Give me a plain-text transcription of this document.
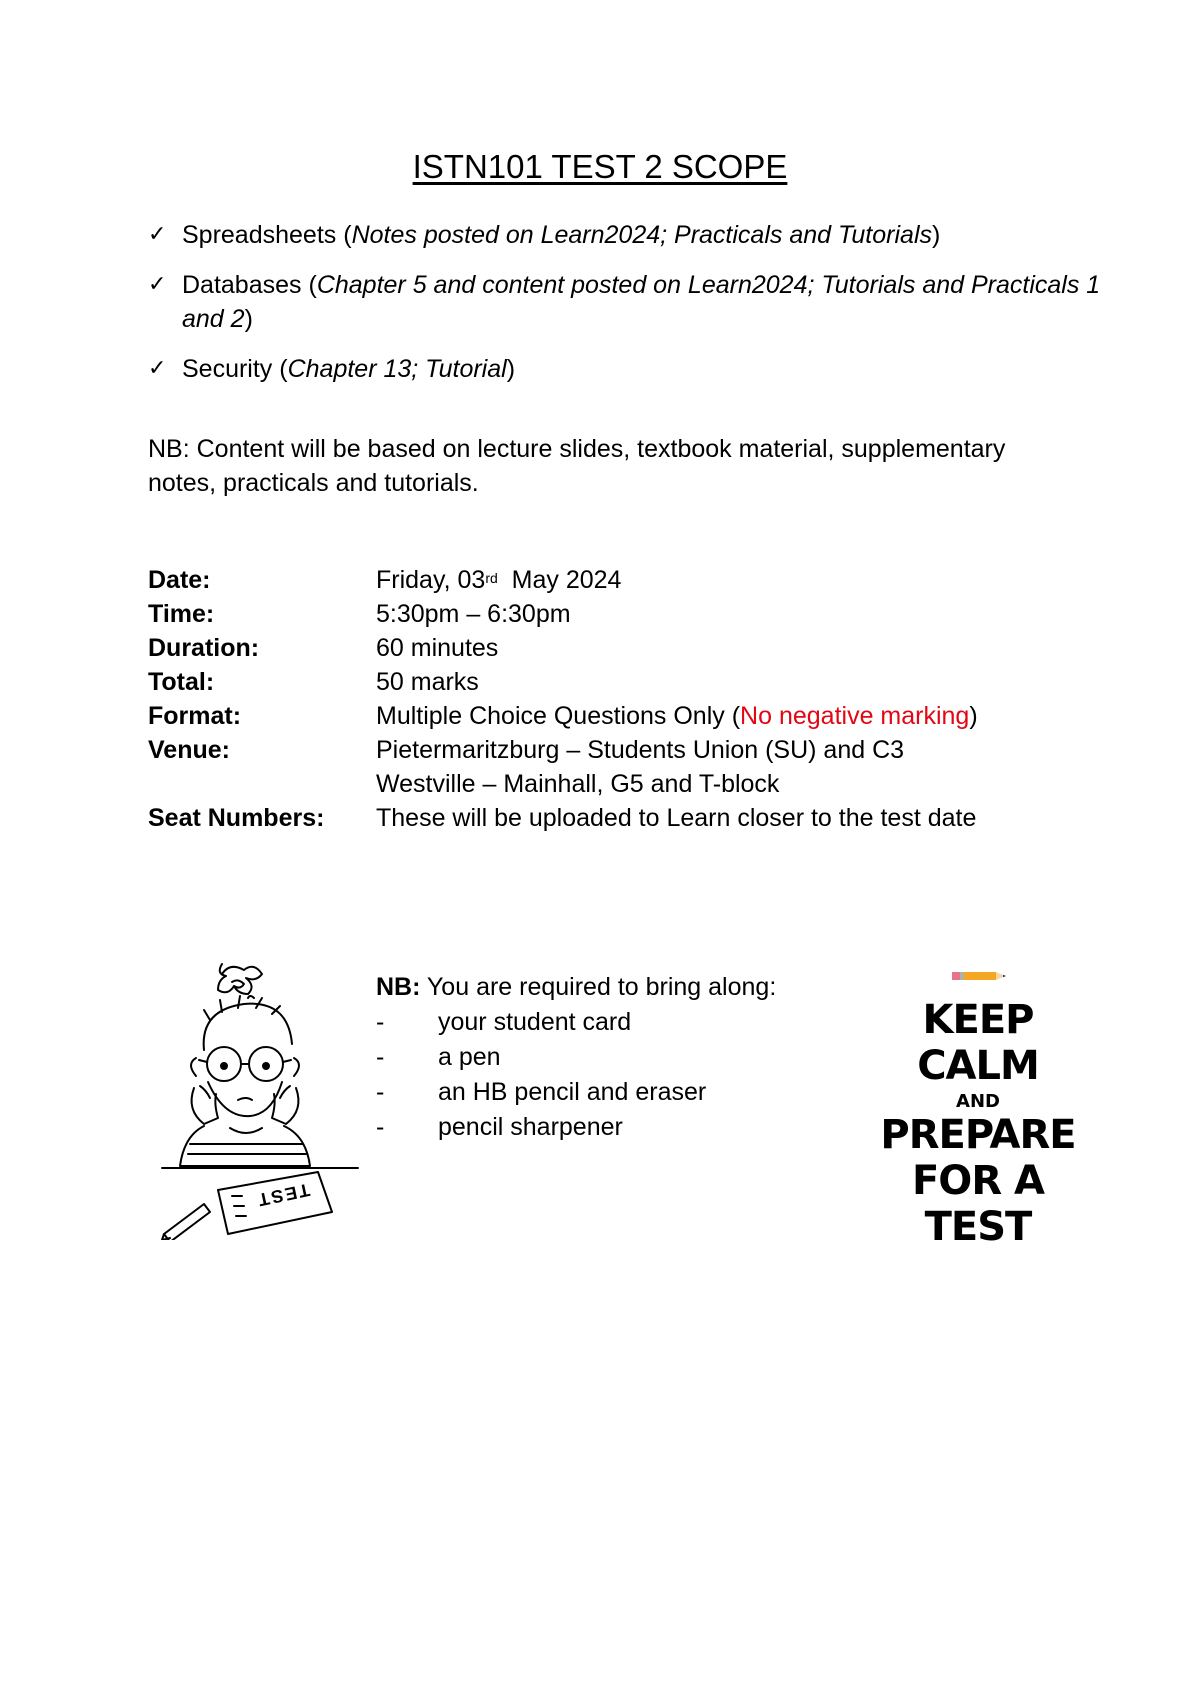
ISTN101 TEST 2 SCOPE
✓ Spreadsheets (Notes posted on Learn2024; Practicals and Tutorials)
✓ Databases (Chapter 5 and content posted on Learn2024; Tutorials and Practicals 1 and 2)
✓ Security (Chapter 13; Tutorial)
NB: Content will be based on lecture slides, textbook material, supplementary notes, practicals and tutorials.
Date:	Friday, 03rd  May 2024
Time:	5:30pm – 6:30pm
Duration:	60 minutes
Total:	50 marks
Format:	Multiple Choice Questions Only (No negative marking)
Venue:	Pietermaritzburg – Students Union (SU) and C3
Westville – Mainhall, G5 and T-block
Seat Numbers:	These will be uploaded to Learn closer to the test date
TEST
NB: You are required to bring along:
-	your student card
-	a pen
-	an HB pencil and eraser
-	pencil sharpener
KEEP
CALM
AND
PREPARE
FOR A TEST
